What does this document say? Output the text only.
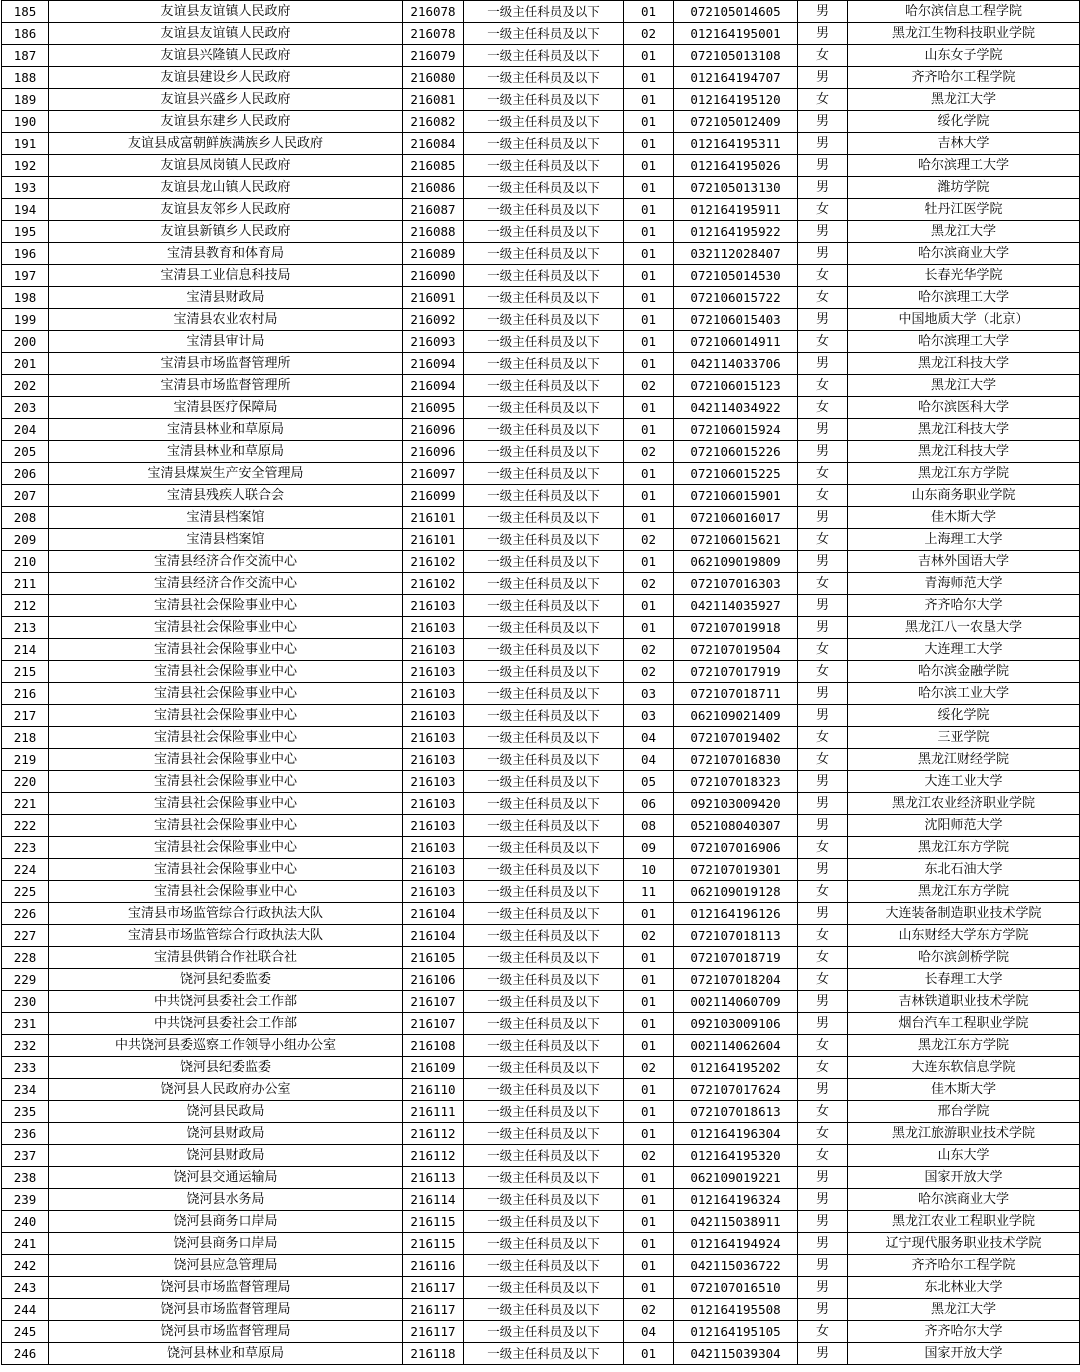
185	友谊县友谊镇人民政府	216078	一级主任科员及以下	01	072105014605	男	哈尔滨信息工程学院
186	友谊县友谊镇人民政府	216078	一级主任科员及以下	02	012164195001	男	黑龙江生物科技职业学院
187	友谊县兴隆镇人民政府	216079	一级主任科员及以下	01	072105013108	女	山东女子学院
188	友谊县建设乡人民政府	216080	一级主任科员及以下	01	012164194707	男	齐齐哈尔工程学院
189	友谊县兴盛乡人民政府	216081	一级主任科员及以下	01	012164195120	女	黑龙江大学
190	友谊县东建乡人民政府	216082	一级主任科员及以下	01	072105012409	男	绥化学院
191	友谊县成富朝鲜族满族乡人民政府	216084	一级主任科员及以下	01	012164195311	男	吉林大学
192	友谊县凤岗镇人民政府	216085	一级主任科员及以下	01	012164195026	男	哈尔滨理工大学
193	友谊县龙山镇人民政府	216086	一级主任科员及以下	01	072105013130	男	潍坊学院
194	友谊县友邻乡人民政府	216087	一级主任科员及以下	01	012164195911	女	牡丹江医学院
195	友谊县新镇乡人民政府	216088	一级主任科员及以下	01	012164195922	男	黑龙江大学
196	宝清县教育和体育局	216089	一级主任科员及以下	01	032112028407	男	哈尔滨商业大学
197	宝清县工业信息科技局	216090	一级主任科员及以下	01	072105014530	女	长春光华学院
198	宝清县财政局	216091	一级主任科员及以下	01	072106015722	女	哈尔滨理工大学
199	宝清县农业农村局	216092	一级主任科员及以下	01	072106015403	男	中国地质大学（北京）
200	宝清县审计局	216093	一级主任科员及以下	01	072106014911	女	哈尔滨理工大学
201	宝清县市场监督管理所	216094	一级主任科员及以下	01	042114033706	男	黑龙江科技大学
202	宝清县市场监督管理所	216094	一级主任科员及以下	02	072106015123	女	黑龙江大学
203	宝清县医疗保障局	216095	一级主任科员及以下	01	042114034922	女	哈尔滨医科大学
204	宝清县林业和草原局	216096	一级主任科员及以下	01	072106015924	男	黑龙江科技大学
205	宝清县林业和草原局	216096	一级主任科员及以下	02	072106015226	男	黑龙江科技大学
206	宝清县煤炭生产安全管理局	216097	一级主任科员及以下	01	072106015225	女	黑龙江东方学院
207	宝清县残疾人联合会	216099	一级主任科员及以下	01	072106015901	女	山东商务职业学院
208	宝清县档案馆	216101	一级主任科员及以下	01	072106016017	男	佳木斯大学
209	宝清县档案馆	216101	一级主任科员及以下	02	072106015621	女	上海理工大学
210	宝清县经济合作交流中心	216102	一级主任科员及以下	01	062109019809	男	吉林外国语大学
211	宝清县经济合作交流中心	216102	一级主任科员及以下	02	072107016303	女	青海师范大学
212	宝清县社会保险事业中心	216103	一级主任科员及以下	01	042114035927	男	齐齐哈尔大学
213	宝清县社会保险事业中心	216103	一级主任科员及以下	01	072107019918	男	黑龙江八一农垦大学
214	宝清县社会保险事业中心	216103	一级主任科员及以下	02	072107019504	女	大连理工大学
215	宝清县社会保险事业中心	216103	一级主任科员及以下	02	072107017919	女	哈尔滨金融学院
216	宝清县社会保险事业中心	216103	一级主任科员及以下	03	072107018711	男	哈尔滨工业大学
217	宝清县社会保险事业中心	216103	一级主任科员及以下	03	062109021409	男	绥化学院
218	宝清县社会保险事业中心	216103	一级主任科员及以下	04	072107019402	女	三亚学院
219	宝清县社会保险事业中心	216103	一级主任科员及以下	04	072107016830	女	黑龙江财经学院
220	宝清县社会保险事业中心	216103	一级主任科员及以下	05	072107018323	男	大连工业大学
221	宝清县社会保险事业中心	216103	一级主任科员及以下	06	092103009420	男	黑龙江农业经济职业学院
222	宝清县社会保险事业中心	216103	一级主任科员及以下	08	052108040307	男	沈阳师范大学
223	宝清县社会保险事业中心	216103	一级主任科员及以下	09	072107016906	女	黑龙江东方学院
224	宝清县社会保险事业中心	216103	一级主任科员及以下	10	072107019301	男	东北石油大学
225	宝清县社会保险事业中心	216103	一级主任科员及以下	11	062109019128	女	黑龙江东方学院
226	宝清县市场监管综合行政执法大队	216104	一级主任科员及以下	01	012164196126	男	大连装备制造职业技术学院
227	宝清县市场监管综合行政执法大队	216104	一级主任科员及以下	02	072107018113	女	山东财经大学东方学院
228	宝清县供销合作社联合社	216105	一级主任科员及以下	01	072107018719	女	哈尔滨剑桥学院
229	饶河县纪委监委	216106	一级主任科员及以下	01	072107018204	女	长春理工大学
230	中共饶河县委社会工作部	216107	一级主任科员及以下	01	002114060709	男	吉林铁道职业技术学院
231	中共饶河县委社会工作部	216107	一级主任科员及以下	01	092103009106	男	烟台汽车工程职业学院
232	中共饶河县委巡察工作领导小组办公室	216108	一级主任科员及以下	01	002114062604	女	黑龙江东方学院
233	饶河县纪委监委	216109	一级主任科员及以下	02	012164195202	女	大连东软信息学院
234	饶河县人民政府办公室	216110	一级主任科员及以下	01	072107017624	男	佳木斯大学
235	饶河县民政局	216111	一级主任科员及以下	01	072107018613	女	邢台学院
236	饶河县财政局	216112	一级主任科员及以下	01	012164196304	女	黑龙江旅游职业技术学院
237	饶河县财政局	216112	一级主任科员及以下	02	012164195320	女	山东大学
238	饶河县交通运输局	216113	一级主任科员及以下	01	062109019221	男	国家开放大学
239	饶河县水务局	216114	一级主任科员及以下	01	012164196324	男	哈尔滨商业大学
240	饶河县商务口岸局	216115	一级主任科员及以下	01	042115038911	男	黑龙江农业工程职业学院
241	饶河县商务口岸局	216115	一级主任科员及以下	01	012164194924	男	辽宁现代服务职业技术学院
242	饶河县应急管理局	216116	一级主任科员及以下	01	042115036722	男	齐齐哈尔工程学院
243	饶河县市场监督管理局	216117	一级主任科员及以下	01	072107016510	男	东北林业大学
244	饶河县市场监督管理局	216117	一级主任科员及以下	02	012164195508	男	黑龙江大学
245	饶河县市场监督管理局	216117	一级主任科员及以下	04	012164195105	女	齐齐哈尔大学
246	饶河县林业和草原局	216118	一级主任科员及以下	01	042115039304	男	国家开放大学
